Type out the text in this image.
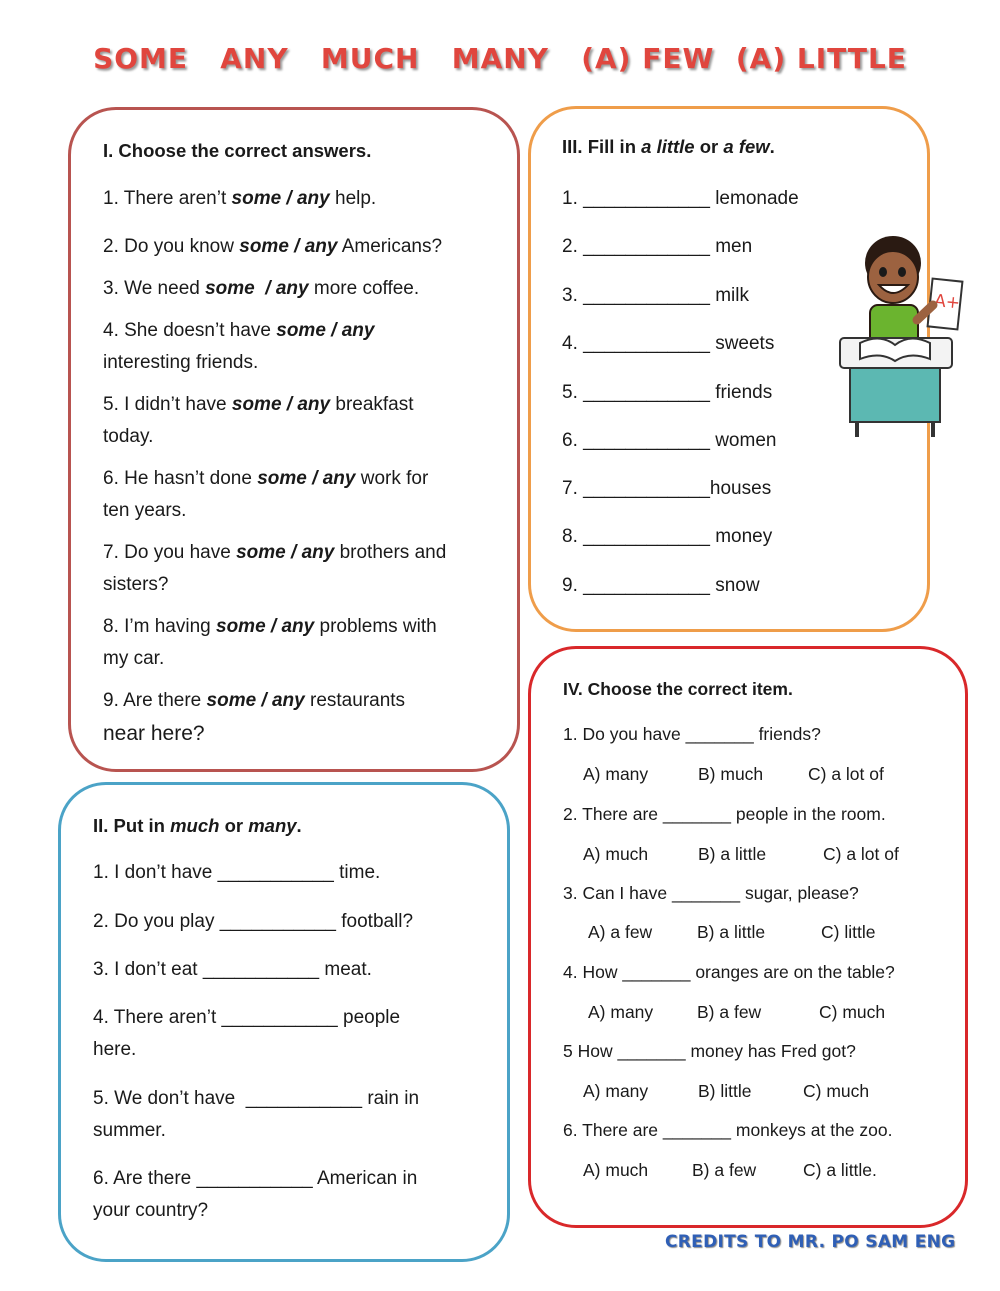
SOME   ANY   MUCH   MANY   (A) FEW  (A) LITTLE
I. Choose the correct answers.
1. There aren’t some / any help.
2. Do you know some / any Americans?
3. We need some  / any more coffee.
4. She doesn’t have some / any
interesting friends.
5. I didn’t have some / any breakfast
today.
6. He hasn’t done some / any work for
ten years.
7. Do you have some / any brothers and
sisters?
8. I’m having some / any problems with
my car.
9. Are there some / any restaurants
near here?
II. Put in much or many.
1. I don’t have ___________ time.
2. Do you play ___________ football?
3. I don’t eat ___________ meat.
4. There aren’t ___________ people
here.
5. We don’t have  ___________ rain in
summer.
6. Are there ___________ American in
your country?
III. Fill in a little or a few.
1. ____________ lemonade
2. ____________ men
3. ____________ milk
4. ____________ sweets
5. ____________ friends
6. ____________ women
7. ____________houses
8. ____________ money
9. ____________ snow
A+
IV. Choose the correct item.
1. Do you have _______ friends?
A) many	B) much	C) a lot of
2. There are _______ people in the room.
A) much	B) a little	C) a lot of
3. Can I have _______ sugar, please?
A) a few	B) a little	C) little
4. How _______ oranges are on the table?
A) many	B) a few	C) much
5 How _______ money has Fred got?
A) many	B) little	C) much
6. There are _______ monkeys at the zoo.
A) much	B) a few	C) a little.
CREDITS TO MR. PO SAM ENG
